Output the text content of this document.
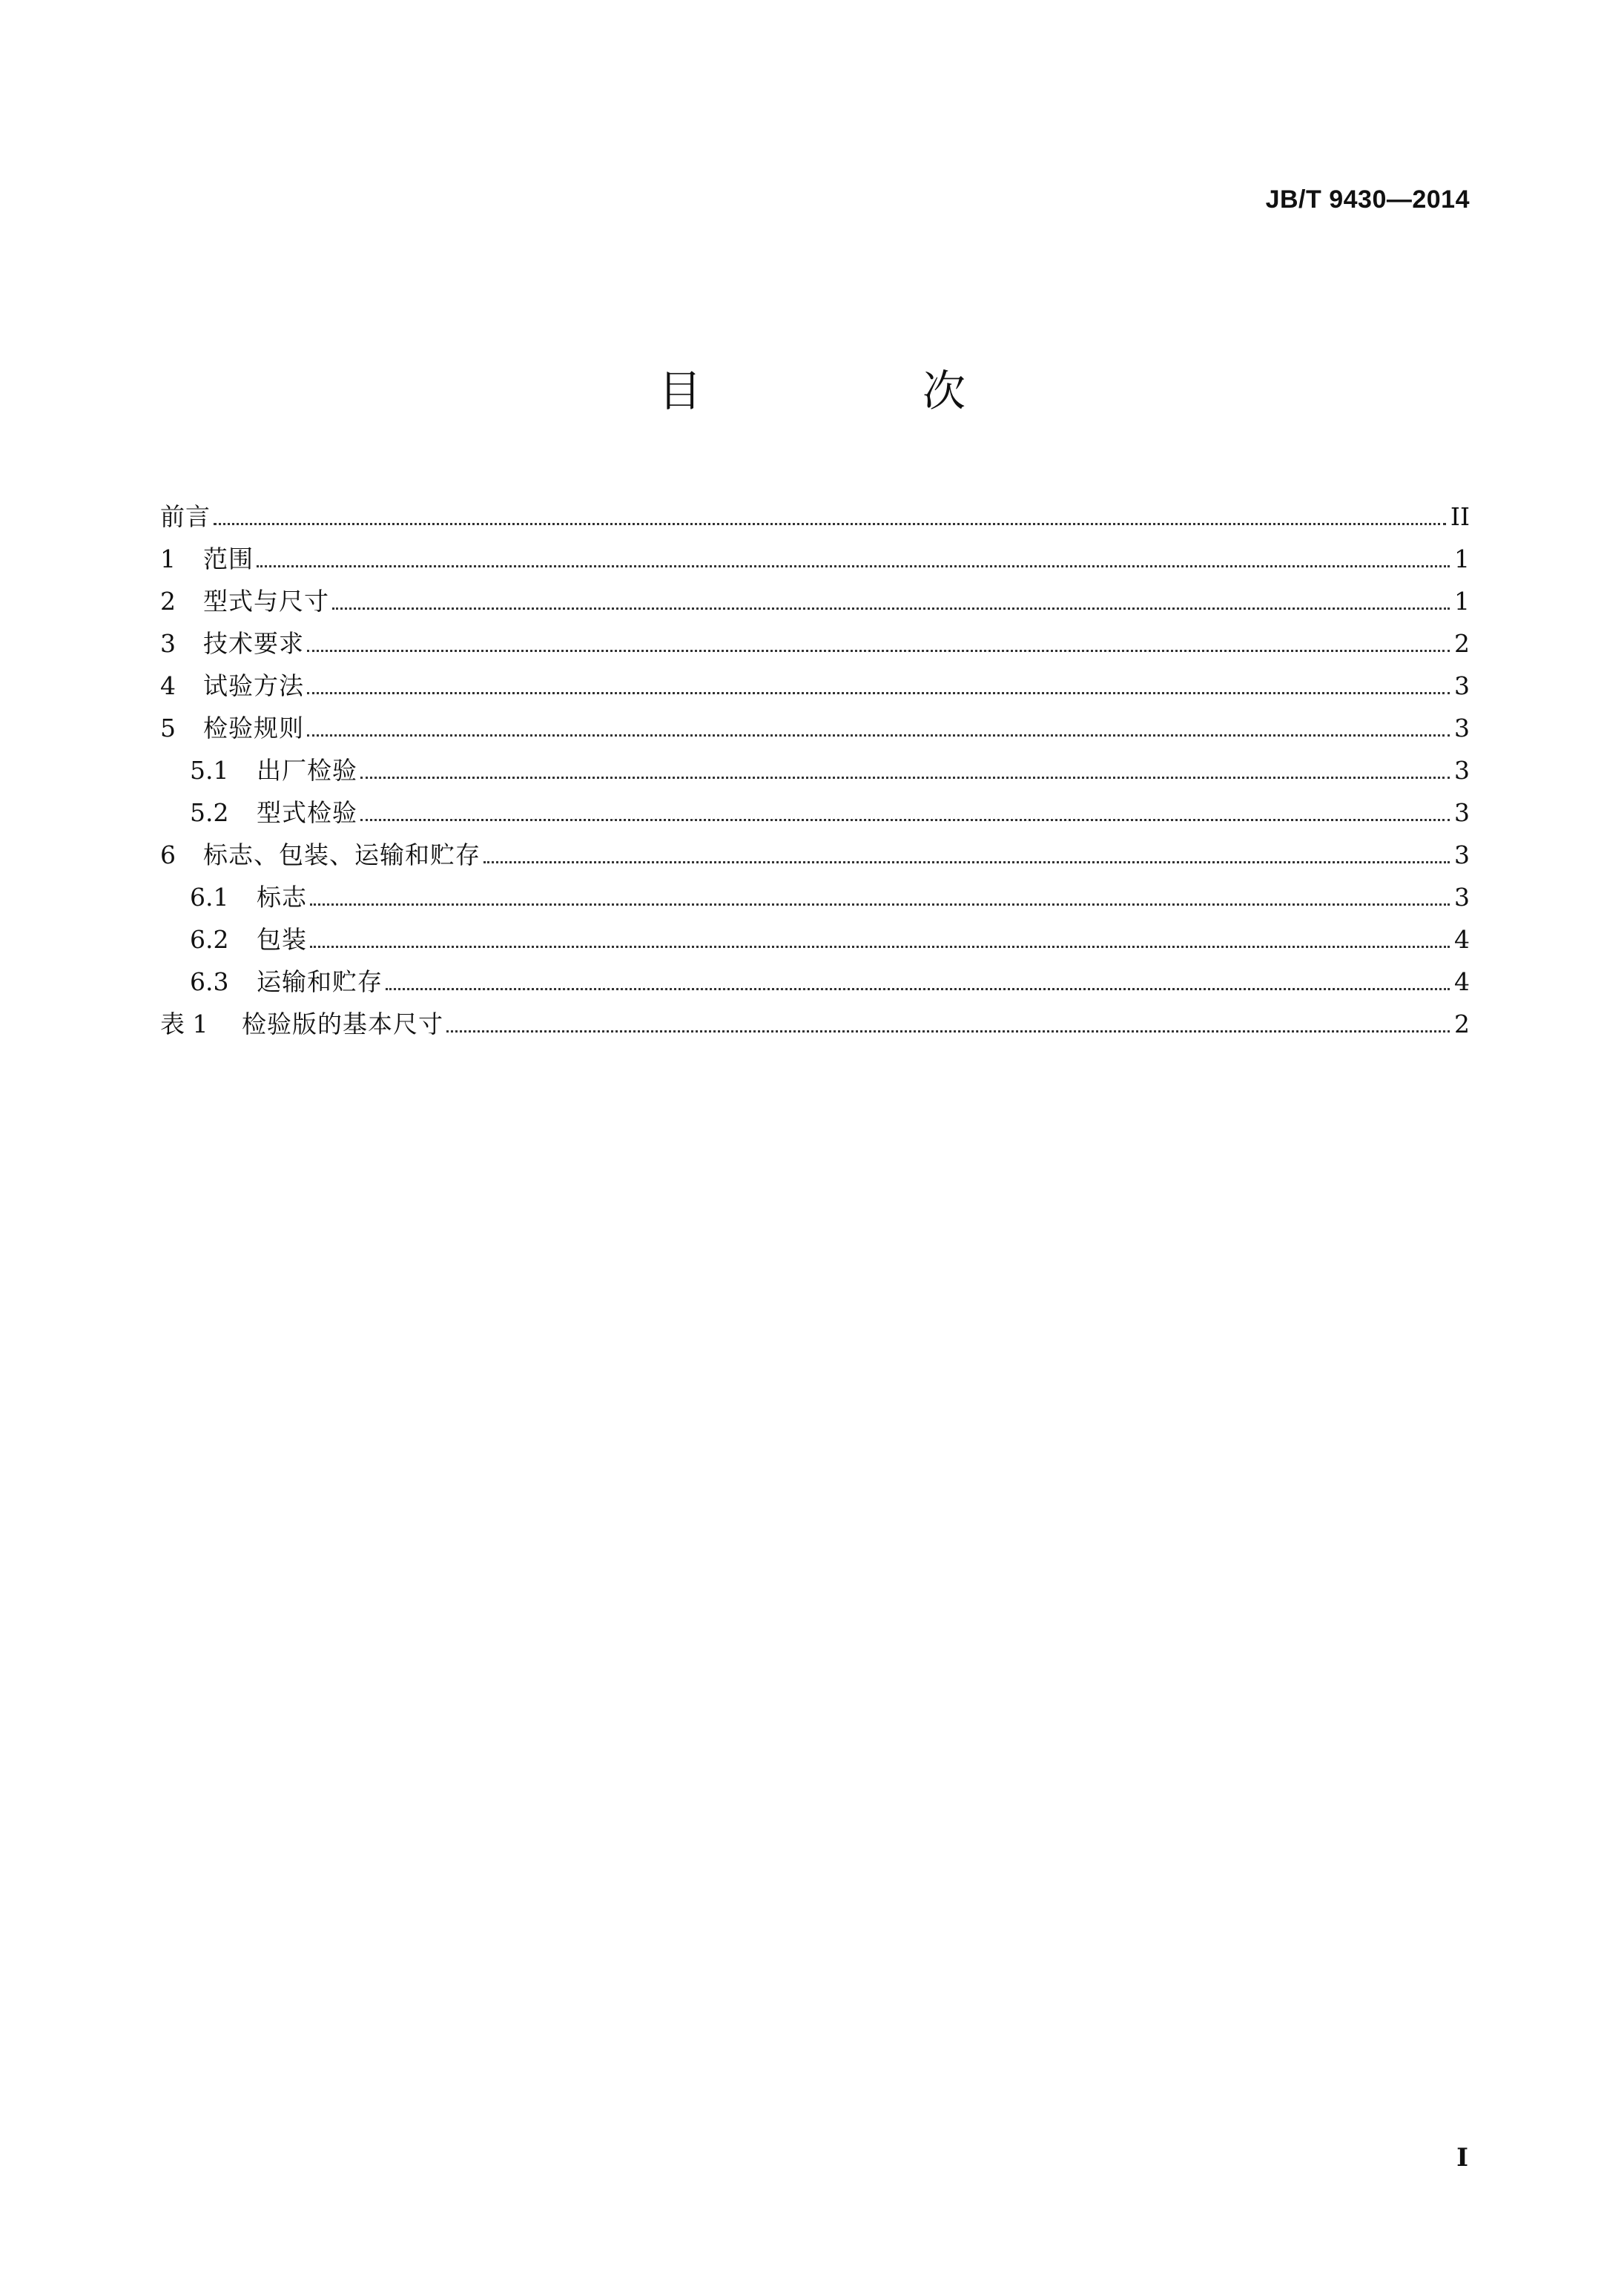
JB/T 9430—2014
目　次
前言	II
1	范围	1
2	型式与尺寸	1
3	技术要求	2
4	试验方法	3
5	检验规则	3
5.1	出厂检验	3
5.2	型式检验	3
6	标志、包装、运输和贮存	3
6.1	标志	3
6.2	包装	4
6.3	运输和贮存	4
表 1	检验版的基本尺寸	2
I
